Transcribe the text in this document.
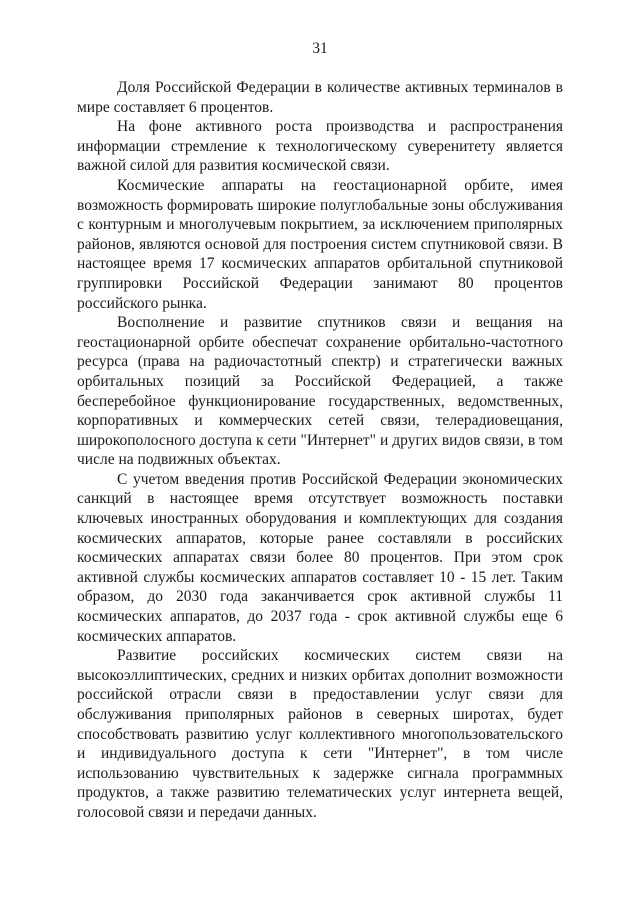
31

Доля Российской Федерации в количестве активных терминалов в мире составляет 6 процентов.

На фоне активного роста производства и распространения информации стремление к технологическому суверенитету является важной силой для развития космической связи.

Космические аппараты на геостационарной орбите, имея возможность формировать широкие полуглобальные зоны обслуживания с контурным и многолучевым покрытием, за исключением приполярных районов, являются основой для построения систем спутниковой связи. В настоящее время 17 космических аппаратов орбитальной спутниковой группировки Российской Федерации занимают 80 процентов российского рынка.

Восполнение и развитие спутников связи и вещания на геостационарной орбите обеспечат сохранение орбитально-частотного ресурса (права на радиочастотный спектр) и стратегически важных орбитальных позиций за Российской Федерацией, а также бесперебойное функционирование государственных, ведомственных, корпоративных и коммерческих сетей связи, телерадиовещания, широкополосного доступа к сети "Интернет" и других видов связи, в том числе на подвижных объектах.

С учетом введения против Российской Федерации экономических санкций в настоящее время отсутствует возможность поставки ключевых иностранных оборудования и комплектующих для создания космических аппаратов, которые ранее составляли в российских космических аппаратах связи более 80 процентов. При этом срок активной службы космических аппаратов составляет 10 - 15 лет. Таким образом, до 2030 года заканчивается срок активной службы 11 космических аппаратов, до 2037 года - срок активной службы еще 6 космических аппаратов.

Развитие российских космических систем связи на высокоэллиптических, средних и низких орбитах дополнит возможности российской отрасли связи в предоставлении услуг связи для обслуживания приполярных районов в северных широтах, будет способствовать развитию услуг коллективного многопользовательского и индивидуального доступа к сети "Интернет", в том числе использованию чувствительных к задержке сигнала программных продуктов, а также развитию телематических услуг интернета вещей, голосовой связи и передачи данных.
